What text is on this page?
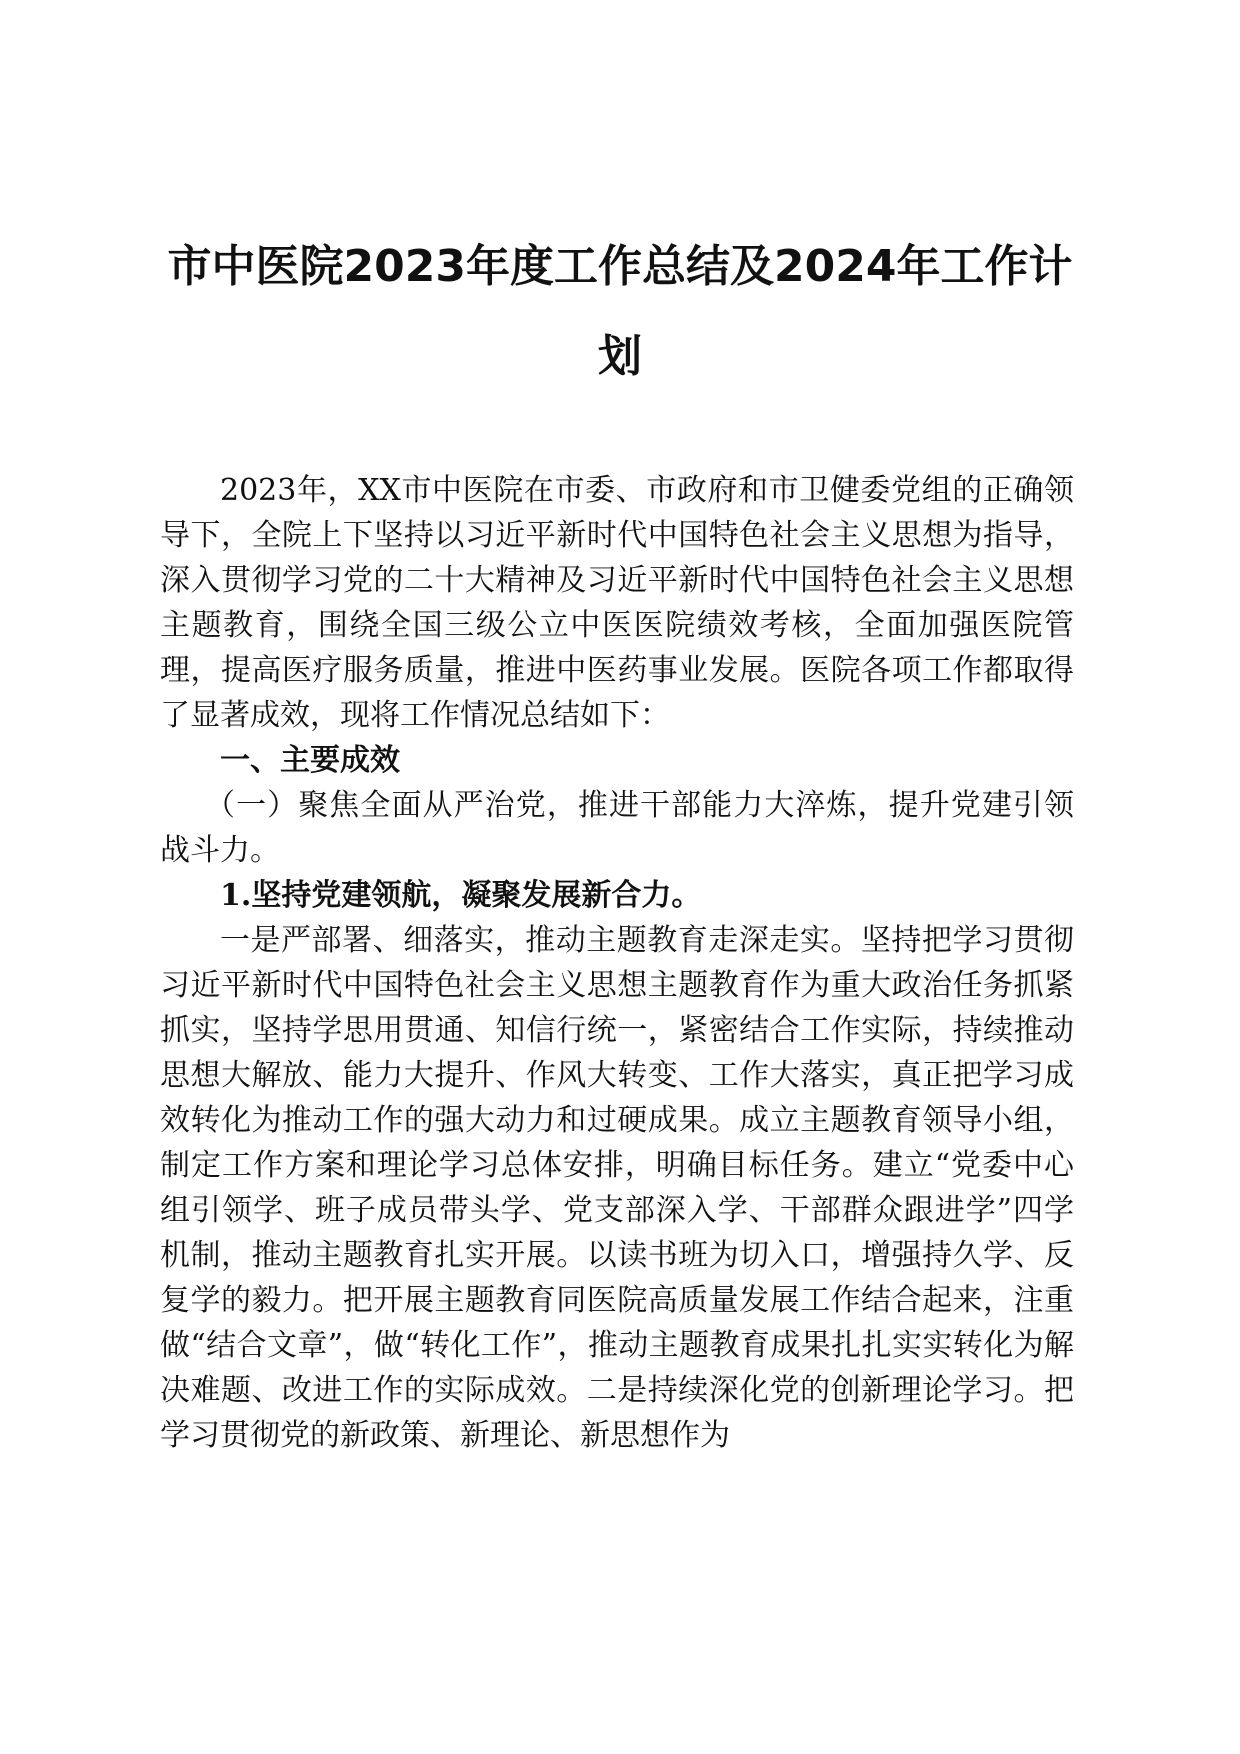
市中医院2023年度工作总结及2024年工作计
划

2023年，XX市中医院在市委、市政府和市卫健委党组的正确领导下，全院上下坚持以习近平新时代中国特色社会主义思想为指导，深入贯彻学习党的二十大精神及习近平新时代中国特色社会主义思想主题教育，围绕全国三级公立中医医院绩效考核，全面加强医院管理，提高医疗服务质量，推进中医药事业发展。医院各项工作都取得了显著成效，现将工作情况总结如下：

一、主要成效

（一）聚焦全面从严治党，推进干部能力大淬炼，提升党建引领战斗力。

1.坚持党建领航，凝聚发展新合力。

一是严部署、细落实，推动主题教育走深走实。坚持把学习贯彻习近平新时代中国特色社会主义思想主题教育作为重大政治任务抓紧抓实，坚持学思用贯通、知信行统一，紧密结合工作实际，持续推动思想大解放、能力大提升、作风大转变、工作大落实，真正把学习成效转化为推动工作的强大动力和过硬成果。成立主题教育领导小组，制定工作方案和理论学习总体安排，明确目标任务。建立“党委中心组引领学、班子成员带头学、党支部深入学、干部群众跟进学”四学机制，推动主题教育扎实开展。以读书班为切入口，增强持久学、反复学的毅力。把开展主题教育同医院高质量发展工作结合起来，注重做“结合文章”，做“转化工作”，推动主题教育成果扎扎实实转化为解决难题、改进工作的实际成效。二是持续深化党的创新理论学习。把学习贯彻党的新政策、新理论、新思想作为
